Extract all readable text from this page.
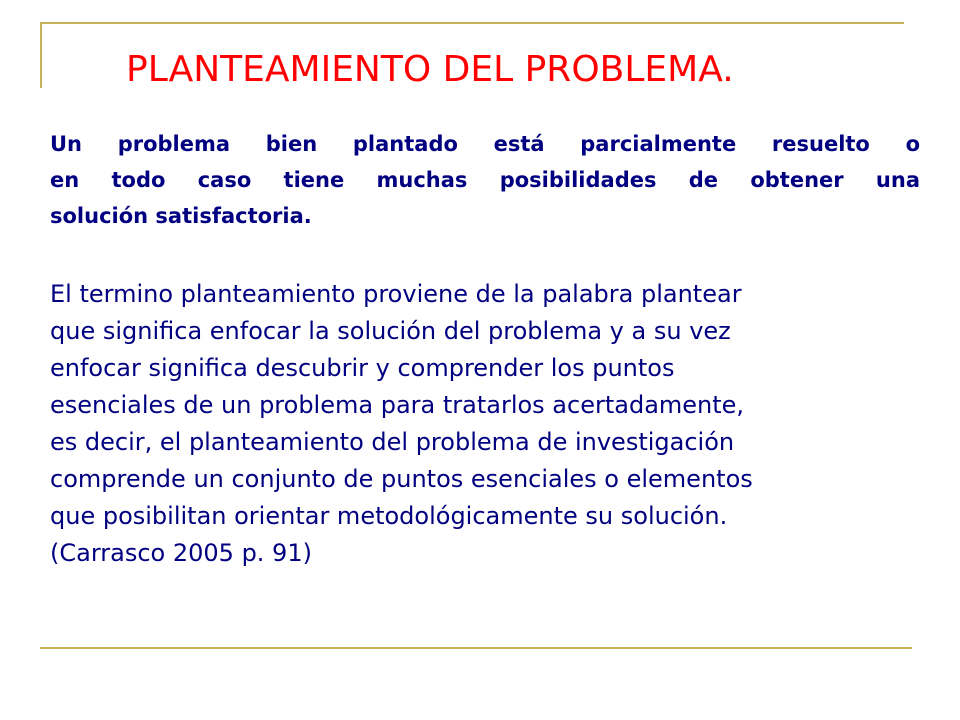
PLANTEAMIENTO DEL PROBLEMA.

Un problema bien plantado está parcialmente resuelto o
en todo caso tiene muchas posibilidades de obtener una
solución satisfactoria.

El termino planteamiento proviene de la palabra plantear
que significa enfocar la solución del problema y a su vez
enfocar significa descubrir y comprender los puntos
esenciales de un problema para tratarlos acertadamente,
es decir, el planteamiento del problema de investigación
comprende un conjunto de puntos esenciales o elementos
que posibilitan orientar metodológicamente su solución.
(Carrasco 2005 p. 91)
